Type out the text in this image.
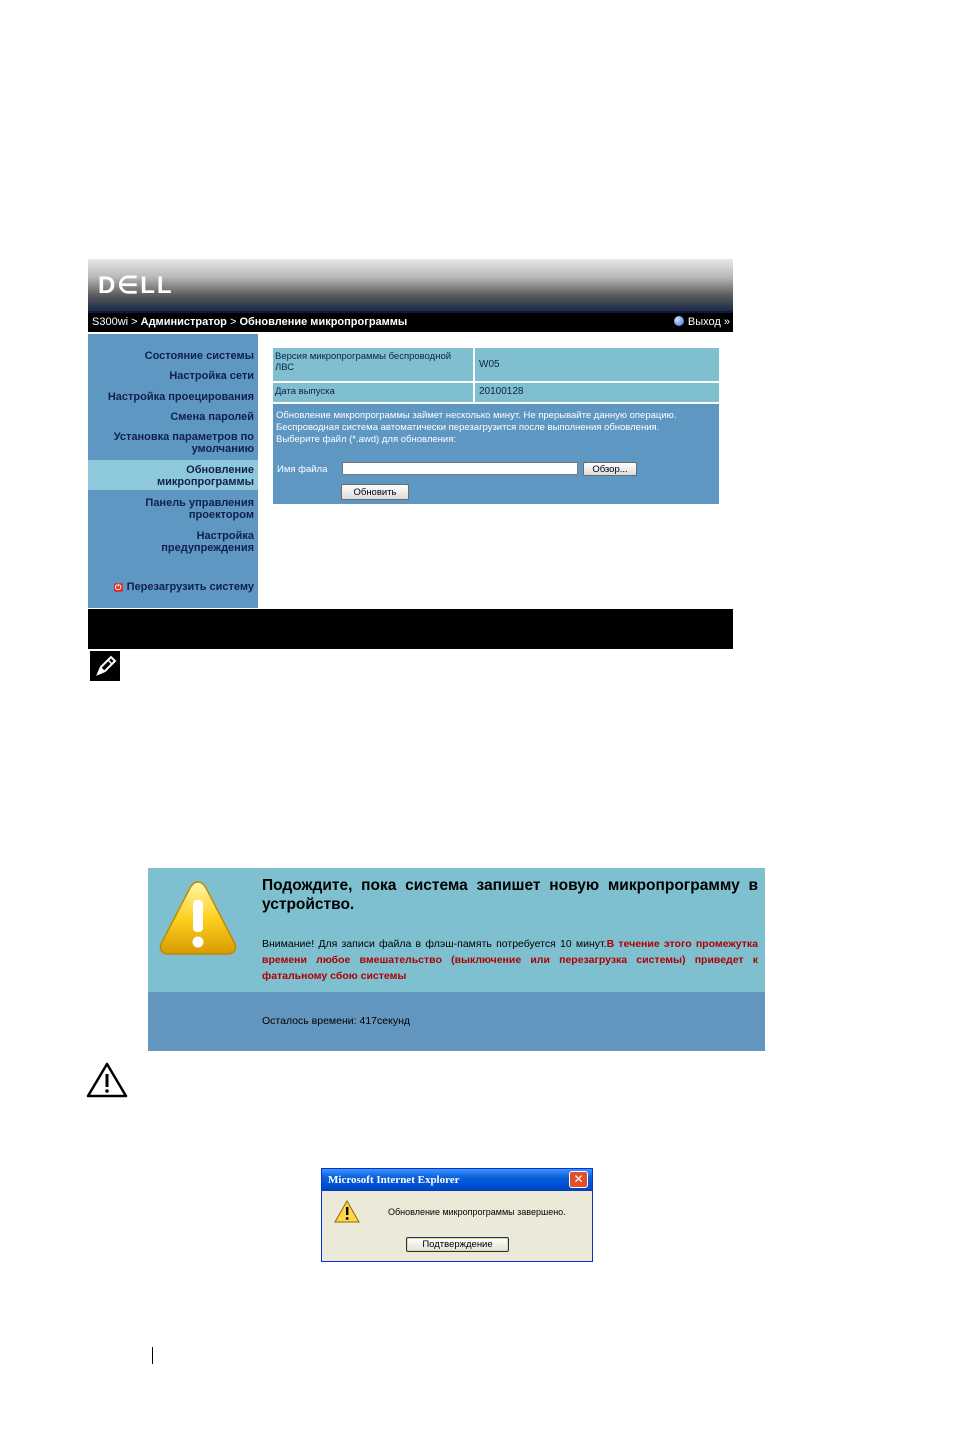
D∈LL
S300wi > Администратор > Обновление микропрограммы	Выход »
Состояние системы
Настройка сети
Настройка проецирования
Смена паролей
Установка параметров по умолчанию
Обновление микропрограммы
Панель управления проектором
Настройка предупреждения
⏻ Перезагрузить систему
Версия микропрограммы беспроводной ЛВС	W05
Дата выпуска	20100128
Обновление микропрограммы займет несколько минут. Не прерывайте данную операцию. Беспроводная система автоматически перезагрузится после выполнения обновления.
Выберите файл (*.awd) для обновления:
Имя файла	Обзор...
Обновить
Подождите, пока система запишет новую микропрограмму в устройство.
Внимание! Для записи файла в флэш-память потребуется 10 минут.В течение этого промежутка времени любое вмешательство (выключение или перезагрузка системы) приведет к фатальному сбою системы
Осталось времени: 417секунд
Microsoft Internet Explorer	✕
Обновление микропрограммы завершено.
Подтверждение
